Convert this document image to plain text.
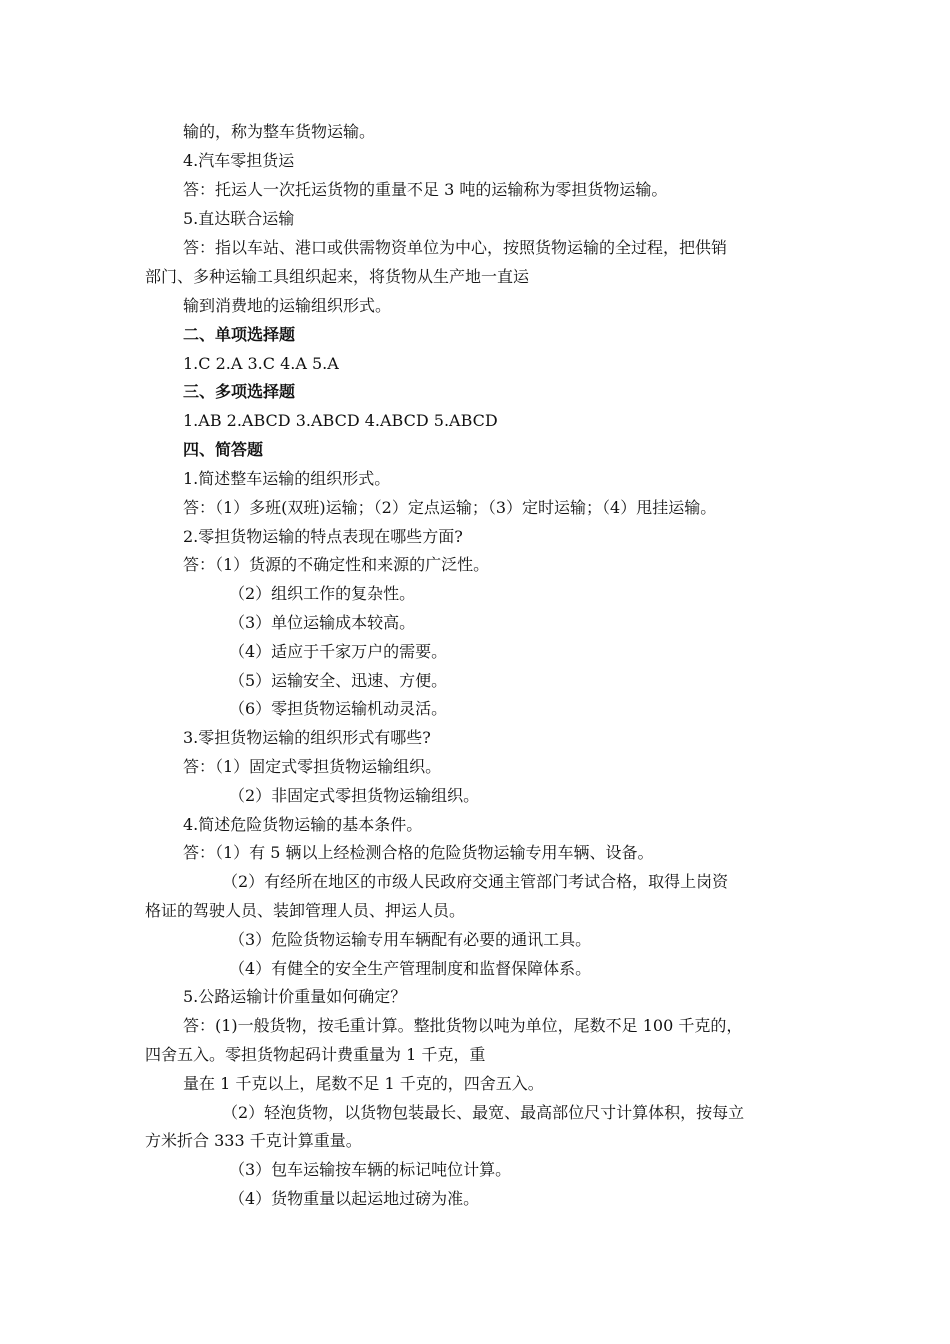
输的，称为整车货物运输。
4.汽车零担货运
答：托运人一次托运货物的重量不足 3 吨的运输称为零担货物运输。
5.直达联合运输
答：指以车站、港口或供需物资单位为中心，按照货物运输的全过程，把供销
部门、多种运输工具组织起来，将货物从生产地一直运
输到消费地的运输组织形式。
二、单项选择题
1.C 2.A 3.C 4.A 5.A
三、多项选择题
1.AB 2.ABCD 3.ABCD 4.ABCD 5.ABCD
四、简答题
1.简述整车运输的组织形式。
答：（1）多班(双班)运输；（2）定点运输；（3）定时运输；（4）甩挂运输。
2.零担货物运输的特点表现在哪些方面?
答：（1）货源的不确定性和来源的广泛性。
（2）组织工作的复杂性。
（3）单位运输成本较高。
（4）适应于千家万户的需要。
（5）运输安全、迅速、方便。
（6）零担货物运输机动灵活。
3.零担货物运输的组织形式有哪些?
答：（1）固定式零担货物运输组织。
（2）非固定式零担货物运输组织。
4.简述危险货物运输的基本条件。
答：（1）有 5 辆以上经检测合格的危险货物运输专用车辆、设备。
（2）有经所在地区的市级人民政府交通主管部门考试合格，取得上岗资
格证的驾驶人员、装卸管理人员、押运人员。
（3）危险货物运输专用车辆配有必要的通讯工具。
（4）有健全的安全生产管理制度和监督保障体系。
5.公路运输计价重量如何确定？
答：(1)一般货物，按毛重计算。整批货物以吨为单位，尾数不足 100 千克的，
四舍五入。零担货物起码计费重量为 1 千克，重
量在 1 千克以上，尾数不足 1 千克的，四舍五入。
（2）轻泡货物，以货物包装最长、最宽、最高部位尺寸计算体积，按每立
方米折合 333 千克计算重量。
（3）包车运输按车辆的标记吨位计算。
（4）货物重量以起运地过磅为准。
